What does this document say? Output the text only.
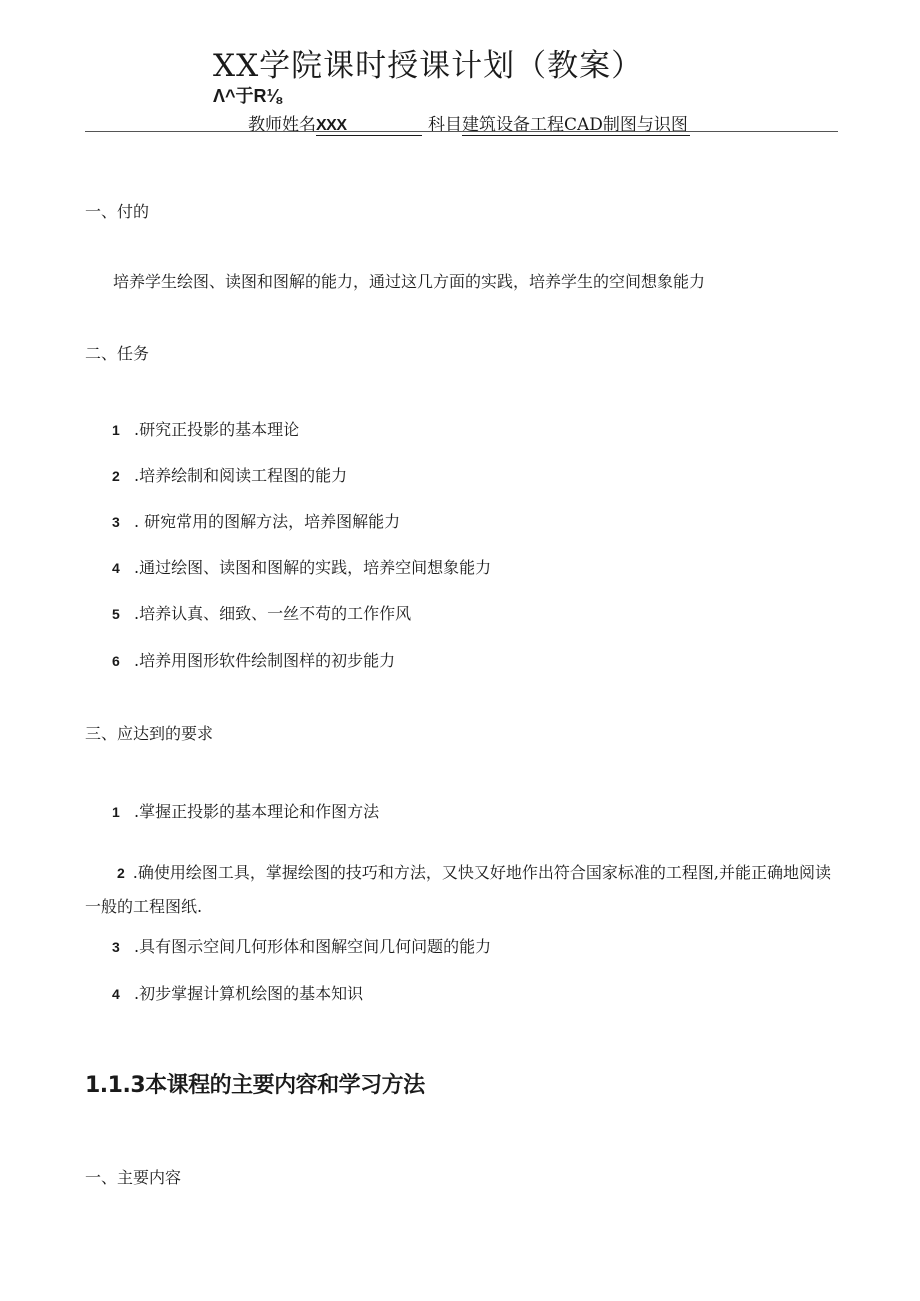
XX学院课时授课计划（教案）
Λ^于R⅛
教师姓名 XXX	科目 建筑设备工程CAD制图与识图
一、付的
培养学生绘图、读图和图解的能力，通过这几方面的实践，培养学生的空间想象能力
二、任务
1 .研究正投影的基本理论
2 .培养绘制和阅读工程图的能力
3 . 研宛常用的图解方法，培养图解能力
4 .通过绘图、读图和图解的实践，培养空间想象能力
5 .培养认真、细致、一丝不苟的工作作风
6 .培养用图形软件绘制图样的初步能力
三、应达到的要求
1 .掌握正投影的基本理论和作图方法
2 .确使用绘图工具，掌握绘图的技巧和方法，又快又好地作出符合国家标准的工程图,并能正确地阅读一般的工程图纸.
3 .具有图示空间几何形体和图解空间几何问题的能力
4 .初步掌握计算机绘图的基本知识
1.1.3本课程的主要内容和学习方法
一、主要内容
